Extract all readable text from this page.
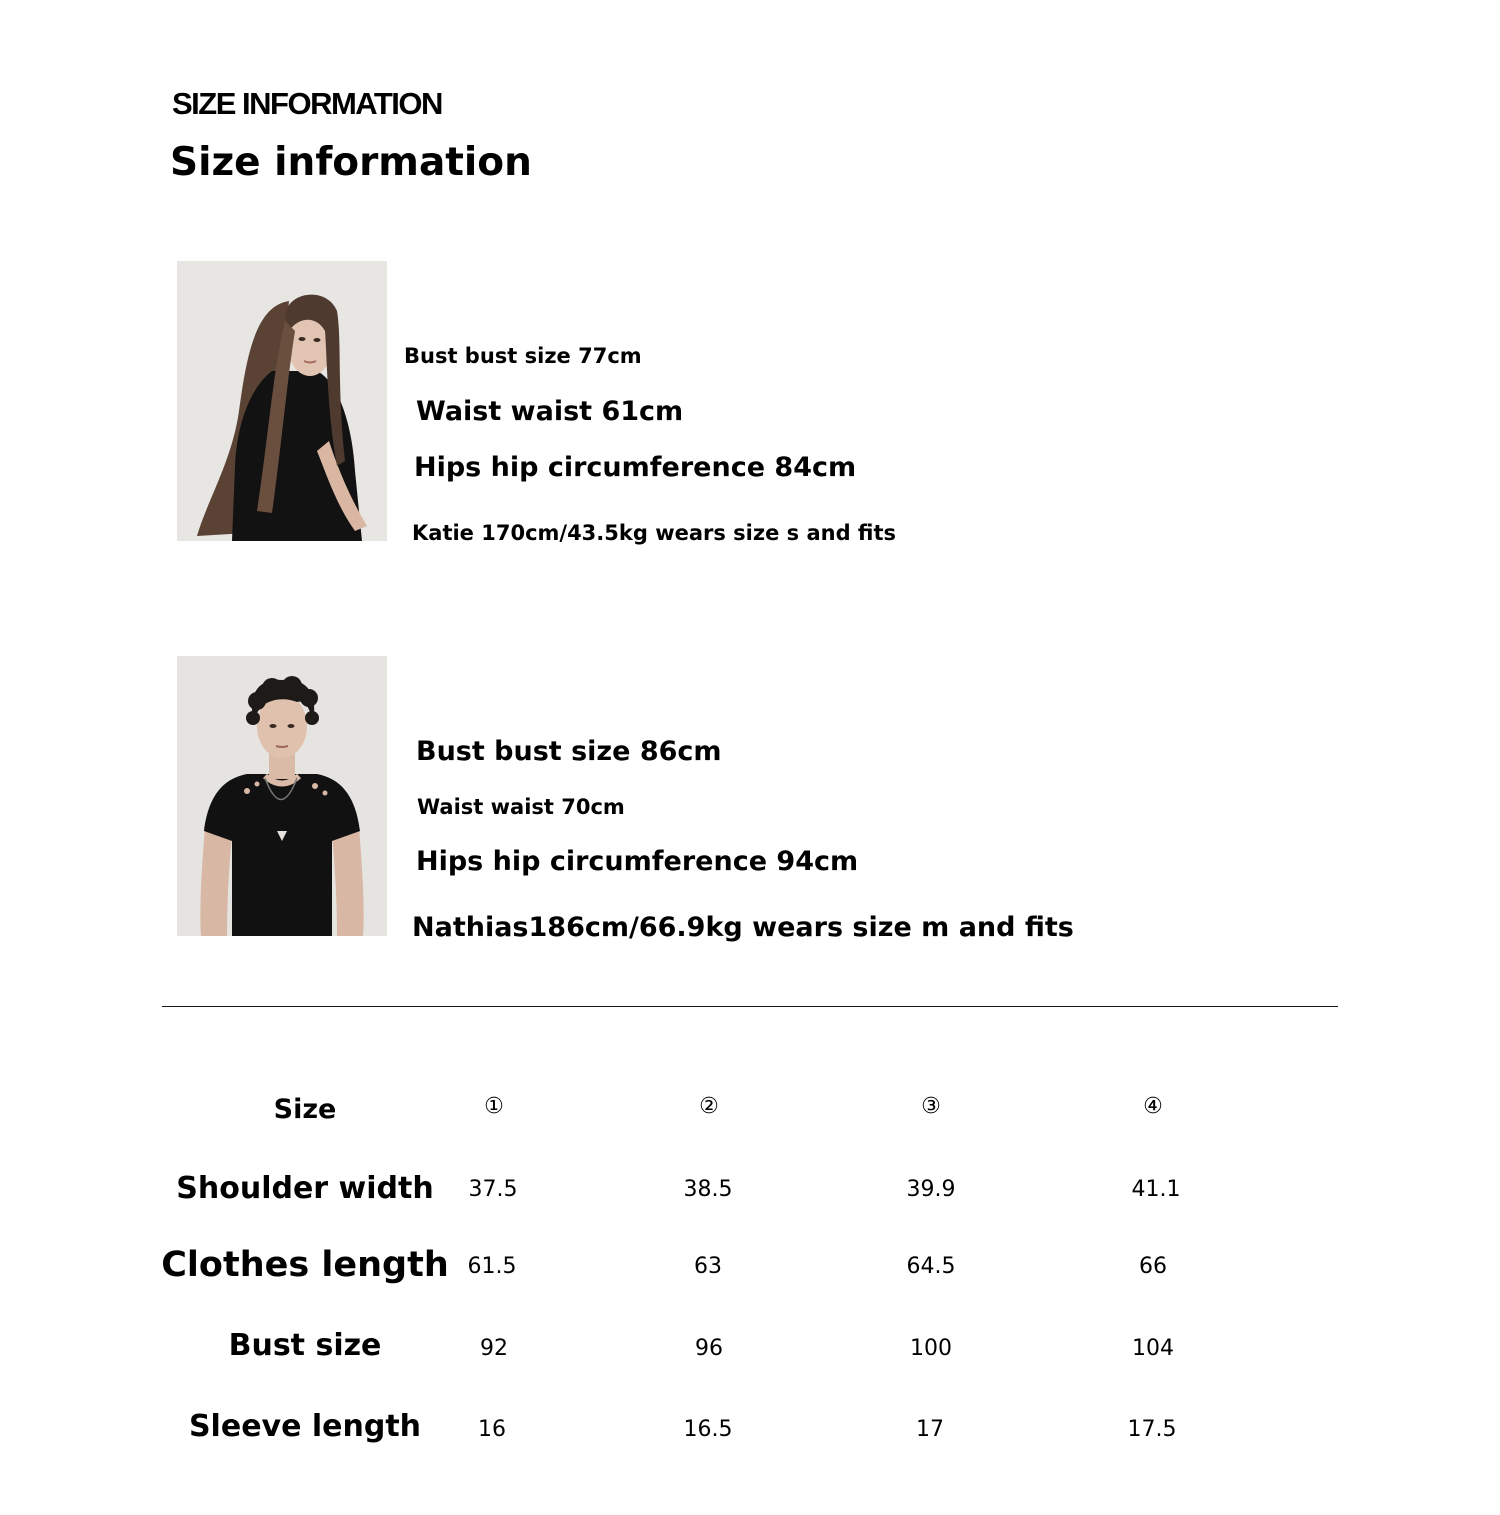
SIZE INFORMATION
Size information
Bust bust size 77cm
Waist waist 61cm
Hips hip circumference 84cm
Katie 170cm/43.5kg wears size s and fits
Bust bust size 86cm
Waist waist 70cm
Hips hip circumference 94cm
Nathias186cm/66.9kg wears size m and fits
Size	①	②	③	④
Shoulder width	37.5	38.5	39.9	41.1
Clothes length 61.5	63	64.5	66
Bust size	92	96	100	104
Sleeve length	16	16.5	17	17.5
